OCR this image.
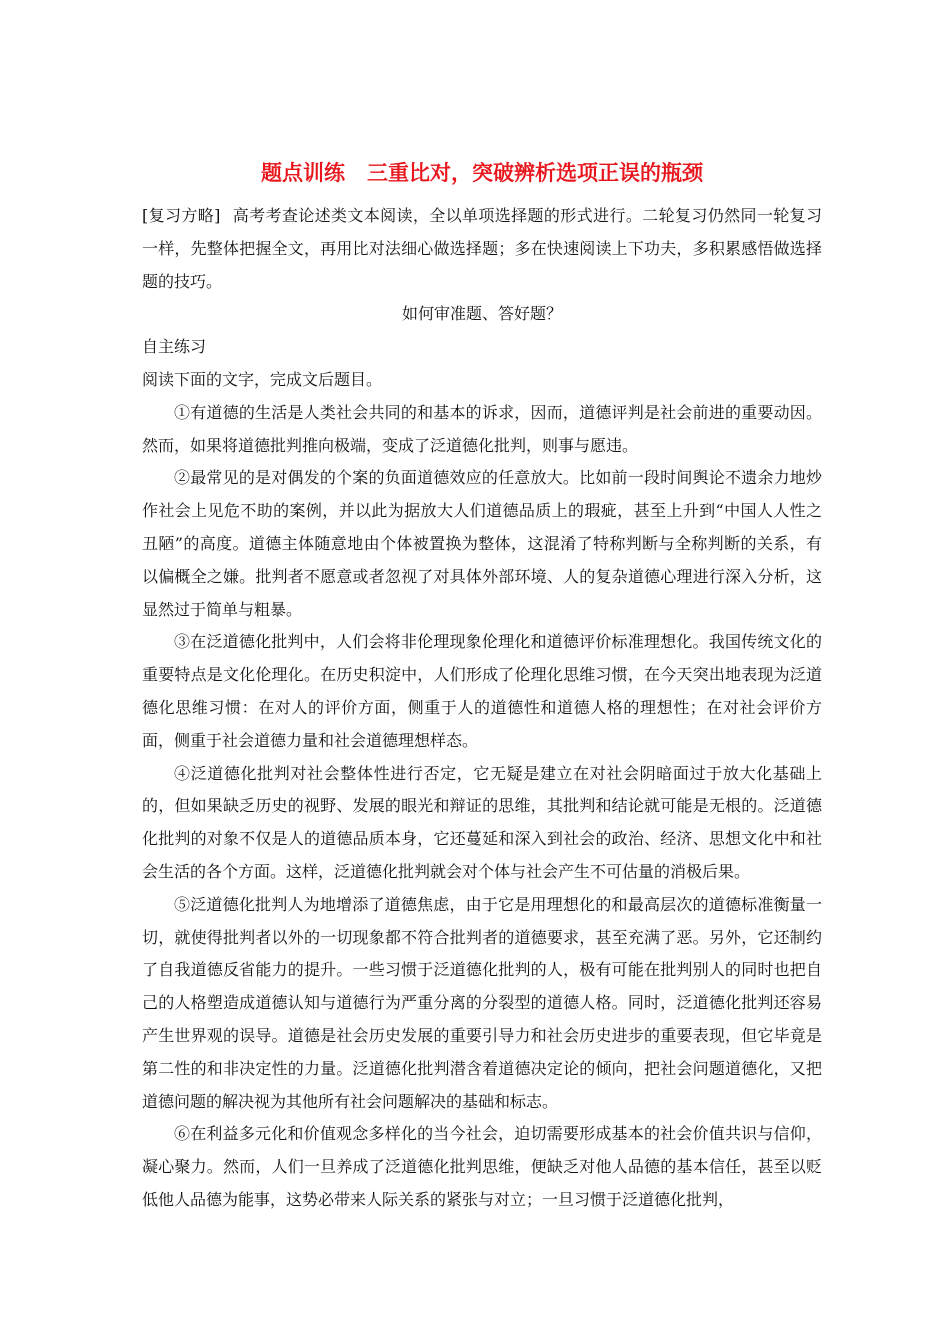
题点训练 三重比对，突破辨析选项正误的瓶颈

[复习方略] 高考考查论述类文本阅读，全以单项选择题的形式进行。二轮复习仍然同一轮复习一样，先整体把握全文，再用比对法细心做选择题；多在快速阅读上下功夫，多积累感悟做选择题的技巧。

如何审准题、答好题？

自主练习

阅读下面的文字，完成文后题目。

①有道德的生活是人类社会共同的和基本的诉求，因而，道德评判是社会前进的重要动因。然而，如果将道德批判推向极端，变成了泛道德化批判，则事与愿违。

②最常见的是对偶发的个案的负面道德效应的任意放大。比如前一段时间舆论不遗余力地炒作社会上见危不助的案例，并以此为据放大人们道德品质上的瑕疵，甚至上升到“中国人人性之丑陋”的高度。道德主体随意地由个体被置换为整体，这混淆了特称判断与全称判断的关系，有以偏概全之嫌。批判者不愿意或者忽视了对具体外部环境、人的复杂道德心理进行深入分析，这显然过于简单与粗暴。

③在泛道德化批判中，人们会将非伦理现象伦理化和道德评价标准理想化。我国传统文化的重要特点是文化伦理化。在历史积淀中，人们形成了伦理化思维习惯，在今天突出地表现为泛道德化思维习惯：在对人的评价方面，侧重于人的道德性和道德人格的理想性；在对社会评价方面，侧重于社会道德力量和社会道德理想样态。

④泛道德化批判对社会整体性进行否定，它无疑是建立在对社会阴暗面过于放大化基础上的，但如果缺乏历史的视野、发展的眼光和辩证的思维，其批判和结论就可能是无根的。泛道德化批判的对象不仅是人的道德品质本身，它还蔓延和深入到社会的政治、经济、思想文化中和社会生活的各个方面。这样，泛道德化批判就会对个体与社会产生不可估量的消极后果。

⑤泛道德化批判人为地增添了道德焦虑，由于它是用理想化的和最高层次的道德标准衡量一切，就使得批判者以外的一切现象都不符合批判者的道德要求，甚至充满了恶。另外，它还制约了自我道德反省能力的提升。一些习惯于泛道德化批判的人，极有可能在批判别人的同时也把自己的人格塑造成道德认知与道德行为严重分离的分裂型的道德人格。同时，泛道德化批判还容易产生世界观的误导。道德是社会历史发展的重要引导力和社会历史进步的重要表现，但它毕竟是第二性的和非决定性的力量。泛道德化批判潜含着道德决定论的倾向，把社会问题道德化，又把道德问题的解决视为其他所有社会问题解决的基础和标志。

⑥在利益多元化和价值观念多样化的当今社会，迫切需要形成基本的社会价值共识与信仰，凝心聚力。然而，人们一旦养成了泛道德化批判思维，便缺乏对他人品德的基本信任，甚至以贬低他人品德为能事，这势必带来人际关系的紧张与对立；一旦习惯于泛道德化批判，
